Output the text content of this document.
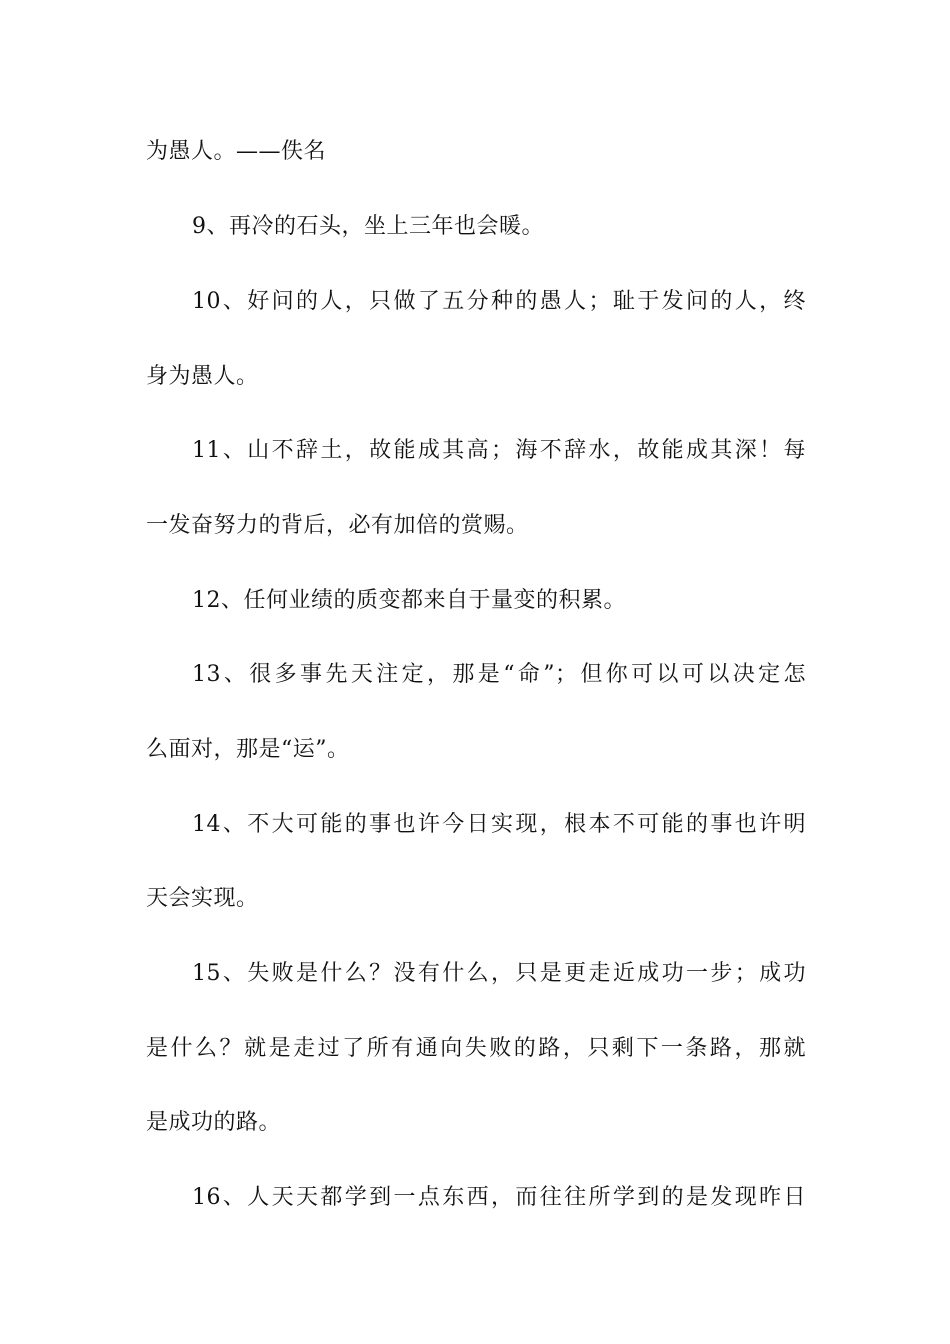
为愚人。——佚名
9、再冷的石头，坐上三年也会暖。
10、好问的人，只做了五分种的愚人；耻于发问的人，终
身为愚人。
11、山不辞土，故能成其高；海不辞水，故能成其深！每
一发奋努力的背后，必有加倍的赏赐。
12、任何业绩的质变都来自于量变的积累。
13、很多事先天注定，那是“命”；但你可以可以决定怎
么面对，那是“运”。
14、不大可能的事也许今日实现，根本不可能的事也许明
天会实现。
15、失败是什么？没有什么，只是更走近成功一步；成功
是什么？就是走过了所有通向失败的路，只剩下一条路，那就
是成功的路。
16、人天天都学到一点东西，而往往所学到的是发现昨日
